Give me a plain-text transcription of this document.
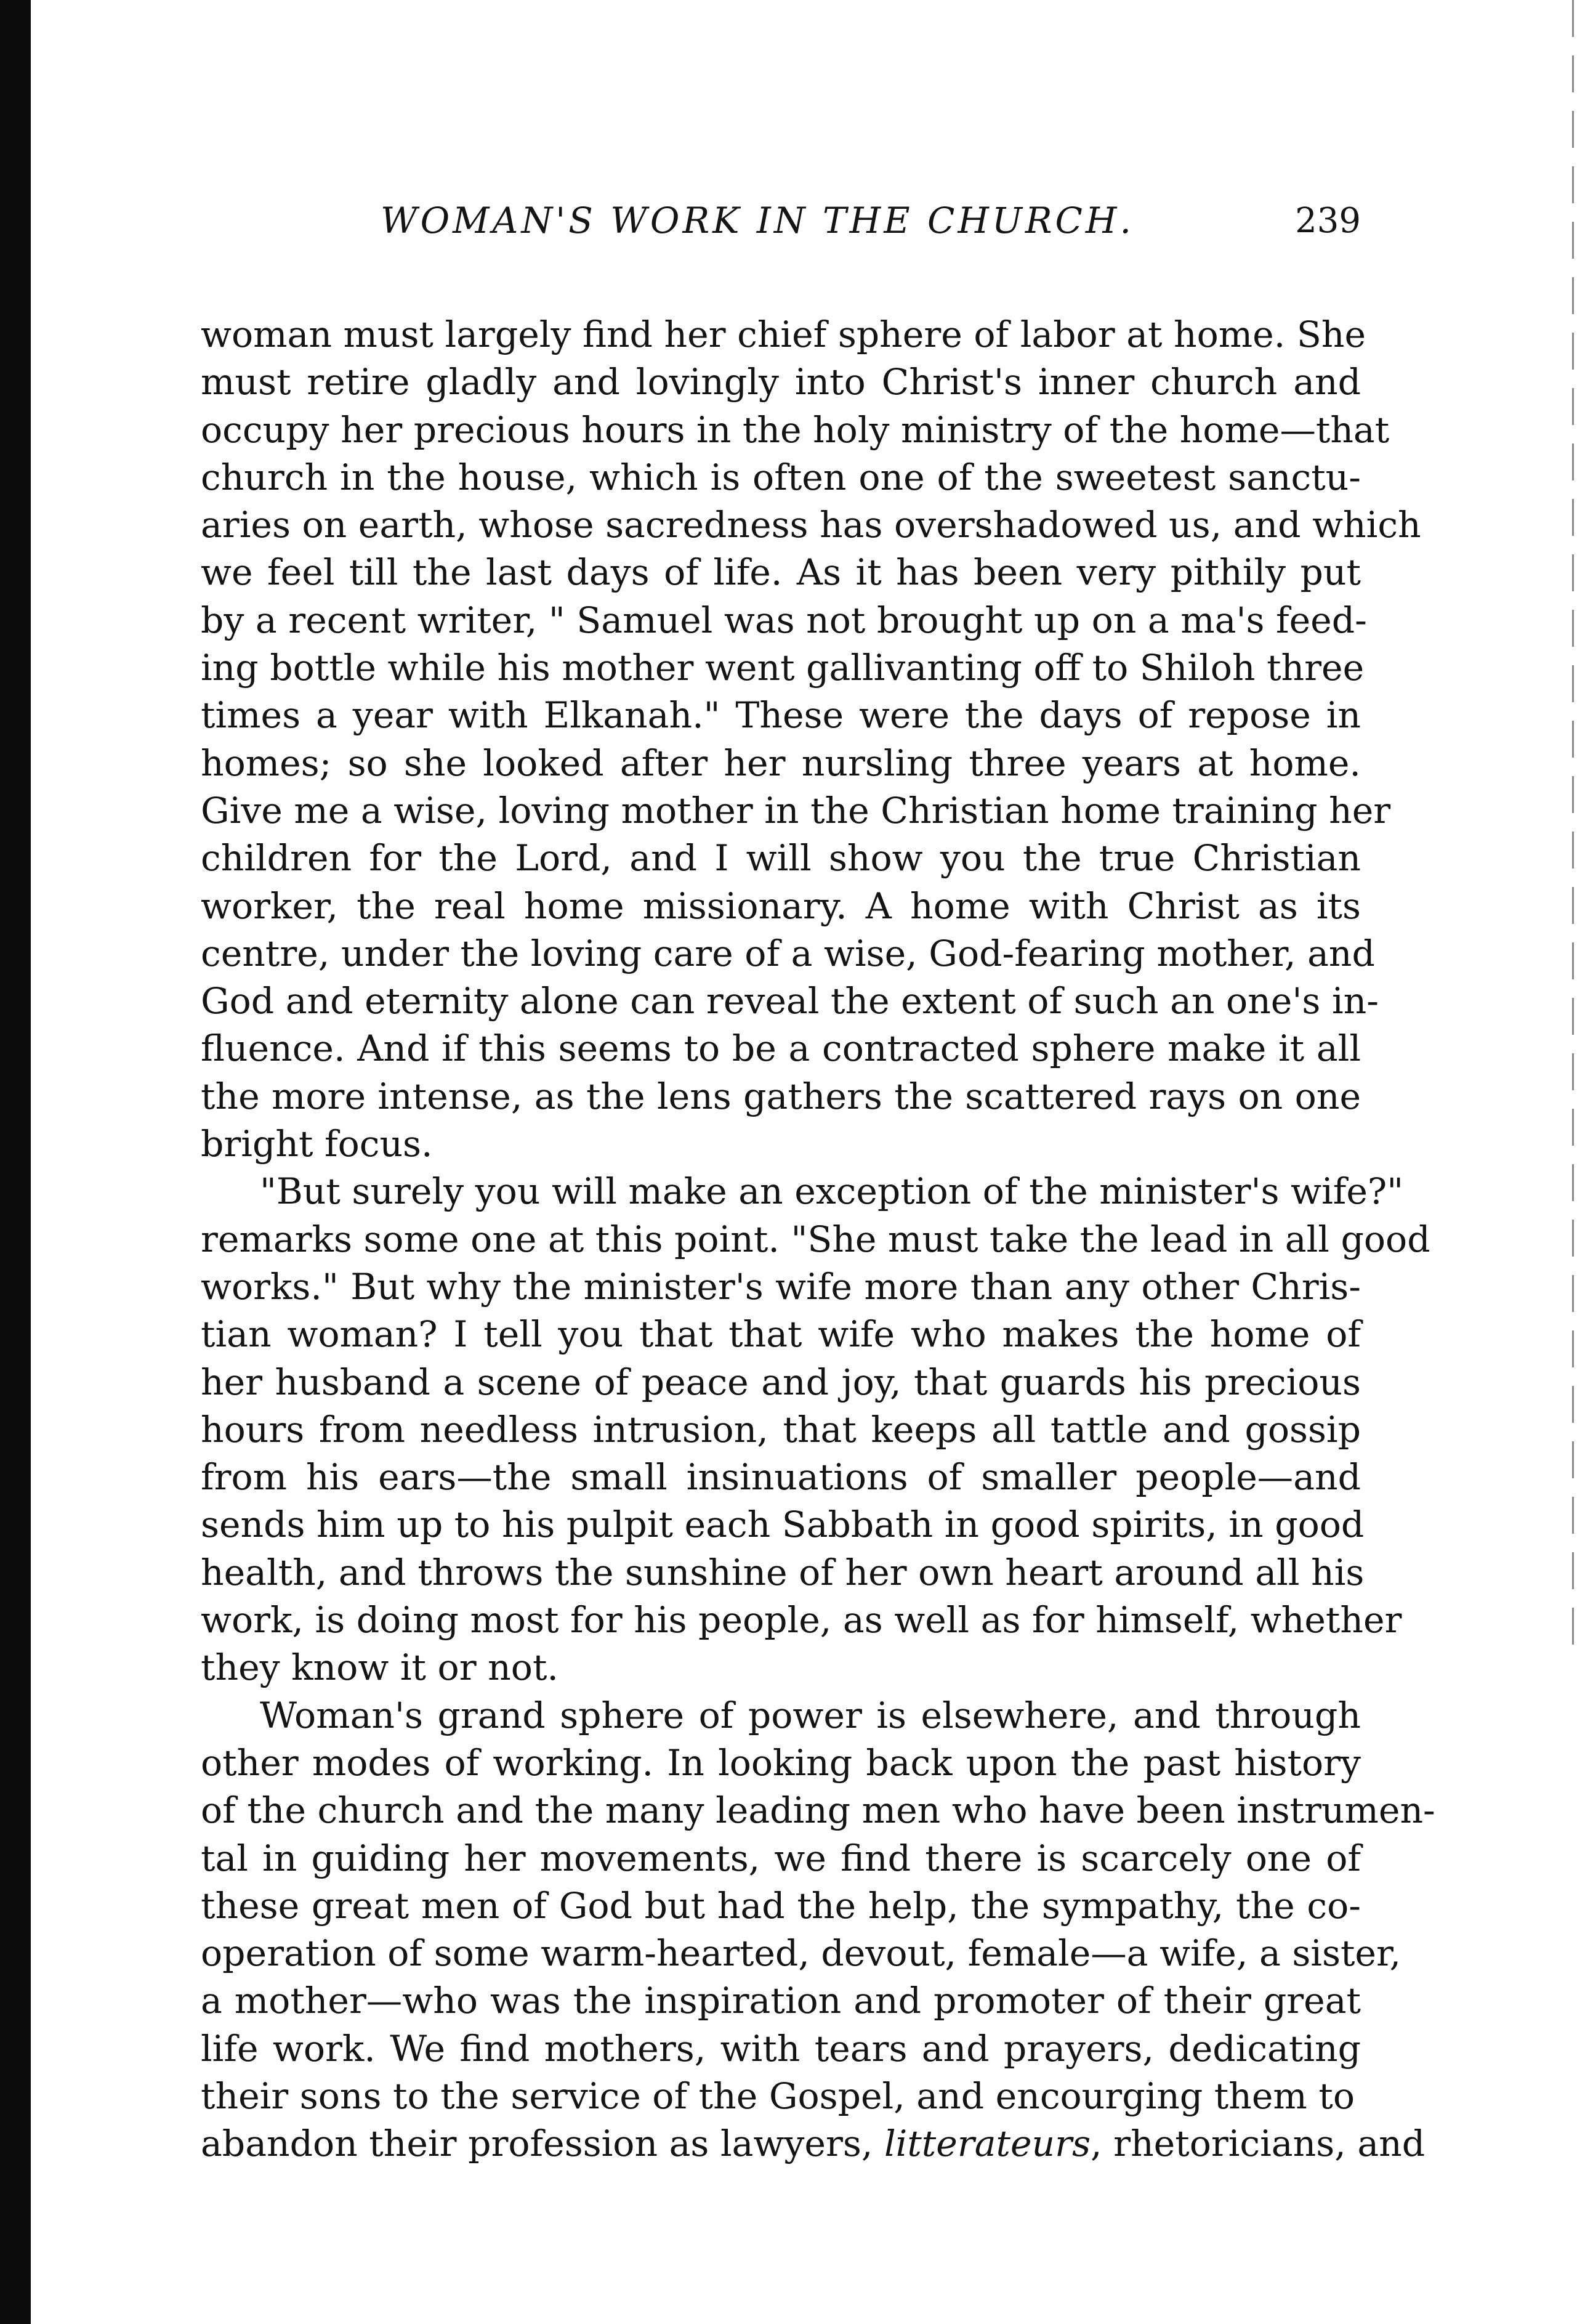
WOMAN'S WORK IN THE CHURCH.	239
woman must largely find her chief sphere of labor at home. She
must retire gladly and lovingly into Christ's inner church and
occupy her precious hours in the holy ministry of the home—that
church in the house, which is often one of the sweetest sanctu-
aries on earth, whose sacredness has overshadowed us, and which
we feel till the last days of life. As it has been very pithily put
by a recent writer, " Samuel was not brought up on a ma's feed-
ing bottle while his mother went gallivanting off to Shiloh three
times a year with Elkanah." These were the days of repose in
homes; so she looked after her nursling three years at home.
Give me a wise, loving mother in the Christian home training her
children for the Lord, and I will show you the true Christian
worker, the real home missionary. A home with Christ as its
centre, under the loving care of a wise, God-fearing mother, and
God and eternity alone can reveal the extent of such an one's in-
fluence. And if this seems to be a contracted sphere make it all
the more intense, as the lens gathers the scattered rays on one
bright focus.
"But surely you will make an exception of the minister's wife?"
remarks some one at this point. "She must take the lead in all good
works." But why the minister's wife more than any other Chris-
tian woman? I tell you that that wife who makes the home of
her husband a scene of peace and joy, that guards his precious
hours from needless intrusion, that keeps all tattle and gossip
from his ears—the small insinuations of smaller people—and
sends him up to his pulpit each Sabbath in good spirits, in good
health, and throws the sunshine of her own heart around all his
work, is doing most for his people, as well as for himself, whether
they know it or not.
Woman's grand sphere of power is elsewhere, and through
other modes of working. In looking back upon the past history
of the church and the many leading men who have been instrumen-
tal in guiding her movements, we find there is scarcely one of
these great men of God but had the help, the sympathy, the co-
operation of some warm-hearted, devout, female—a wife, a sister,
a mother—who was the inspiration and promoter of their great
life work. We find mothers, with tears and prayers, dedicating
their sons to the service of the Gospel, and encourging them to
abandon their profession as lawyers, litterateurs, rhetoricians, and
